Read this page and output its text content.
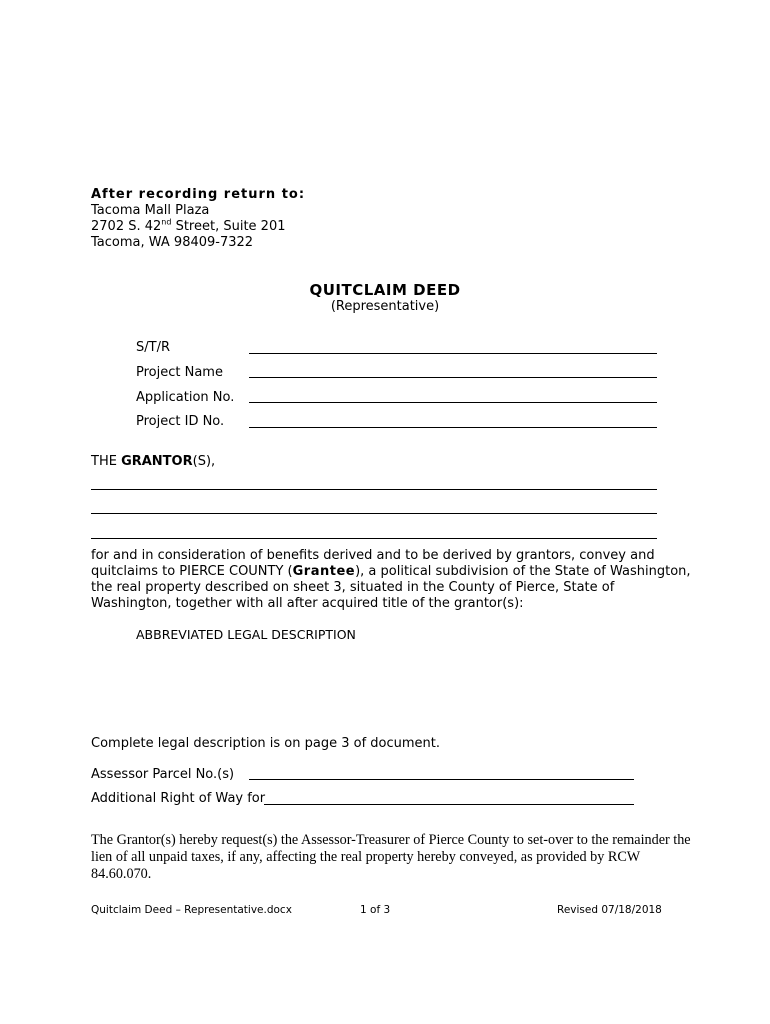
After recording return to:
Tacoma Mall Plaza
2702 S. 42nd Street, Suite 201
Tacoma, WA 98409-7322
QUITCLAIM DEED
(Representative)
S/T/R
Project Name
Application No.
Project ID No.
THE GRANTOR(S),
for and in consideration of benefits derived and to be derived by grantors, convey and
quitclaims to PIERCE COUNTY (Grantee), a political subdivision of the State of Washington,
the real property described on sheet 3, situated in the County of Pierce, State of
Washington, together with all after acquired title of the grantor(s):
ABBREVIATED LEGAL DESCRIPTION
Complete legal description is on page 3 of document.
Assessor Parcel No.(s)
Additional Right of Way for
The Grantor(s) hereby request(s) the Assessor-Treasurer of Pierce County to set-over to the remainder the
lien of all unpaid taxes, if any, affecting the real property hereby conveyed, as provided by RCW
84.60.070.
Quitclaim Deed – Representative.docx	1 of 3	Revised 07/18/2018
